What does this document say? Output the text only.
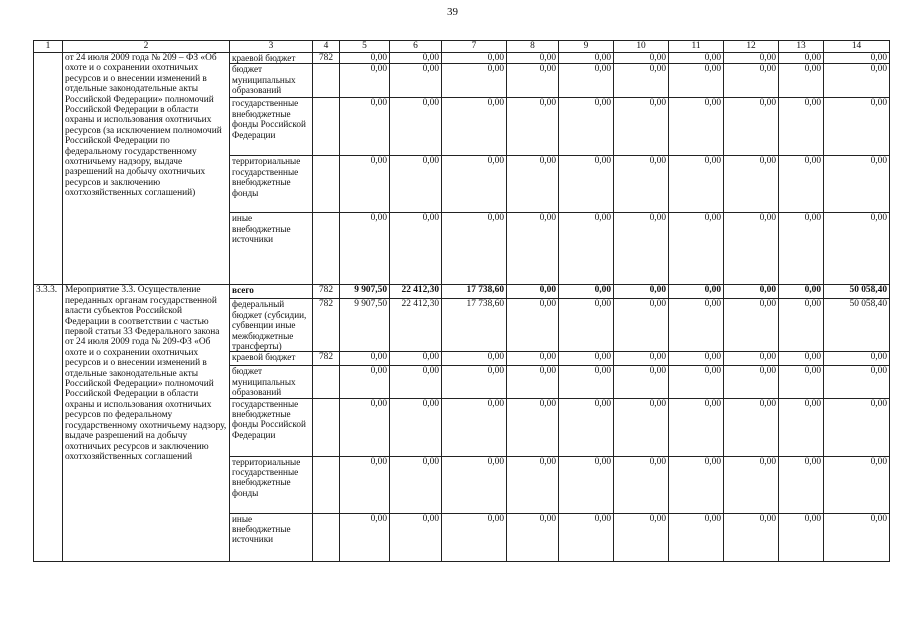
39
1	2	3	4	5	6	7	8	9	10	11	12	13	14
	от 24 июля 2009 года № 209 – ФЗ «Об охоте и о сохранении охотничьих ресурсов и о внесении изменений в отдельные законодательные акты Российской Федерации» полномочий Российской Федерации в области охраны и использования охотничьих ресурсов (за исключением полномочий Российской Федерации по федеральному государственному охотничьему надзору, выдаче разрешений на добычу охотничьих ресурсов и заключению охотхозяйственных соглашений)	краевой бюджет	782	0,00	0,00	0,00	0,00	0,00	0,00	0,00	0,00	0,00	0,00
		бюджет муниципальных образований		0,00	0,00	0,00	0,00	0,00	0,00	0,00	0,00	0,00	0,00
		государственные внебюджетные фонды Российской Федерации		0,00	0,00	0,00	0,00	0,00	0,00	0,00	0,00	0,00	0,00
		территориальные государственные внебюджетные фонды		0,00	0,00	0,00	0,00	0,00	0,00	0,00	0,00	0,00	0,00
		иные внебюджетные источники		0,00	0,00	0,00	0,00	0,00	0,00	0,00	0,00	0,00	0,00
3.3.3.	Мероприятие 3.3. Осуществление переданных органам государственной власти субъектов Российской Федерации в соответствии с частью первой статьи 33 Федерального закона от 24 июля 2009 года № 209-ФЗ «Об охоте и о сохранении охотничьих ресурсов и о внесении изменений в отдельные законодательные акты Российской Федерации» полномочий Российской Федерации в области охраны и использования охотничьих ресурсов по федеральному государственному охотничьему надзору, выдаче разрешений на добычу охотничьих ресурсов и заключению охотхозяйственных соглашений	всего	782	9 907,50	22 412,30	17 738,60	0,00	0,00	0,00	0,00	0,00	0,00	50 058,40
		федеральный бюджет (субсидии, субвенции иные межбюджетные трансферты)	782	9 907,50	22 412,30	17 738,60	0,00	0,00	0,00	0,00	0,00	0,00	50 058,40
		краевой бюджет	782	0,00	0,00	0,00	0,00	0,00	0,00	0,00	0,00	0,00	0,00
		бюджет муниципальных образований		0,00	0,00	0,00	0,00	0,00	0,00	0,00	0,00	0,00	0,00
		государственные внебюджетные фонды Российской Федерации		0,00	0,00	0,00	0,00	0,00	0,00	0,00	0,00	0,00	0,00
		территориальные государственные внебюджетные фонды		0,00	0,00	0,00	0,00	0,00	0,00	0,00	0,00	0,00	0,00
		иные внебюджетные источники		0,00	0,00	0,00	0,00	0,00	0,00	0,00	0,00	0,00	0,00
